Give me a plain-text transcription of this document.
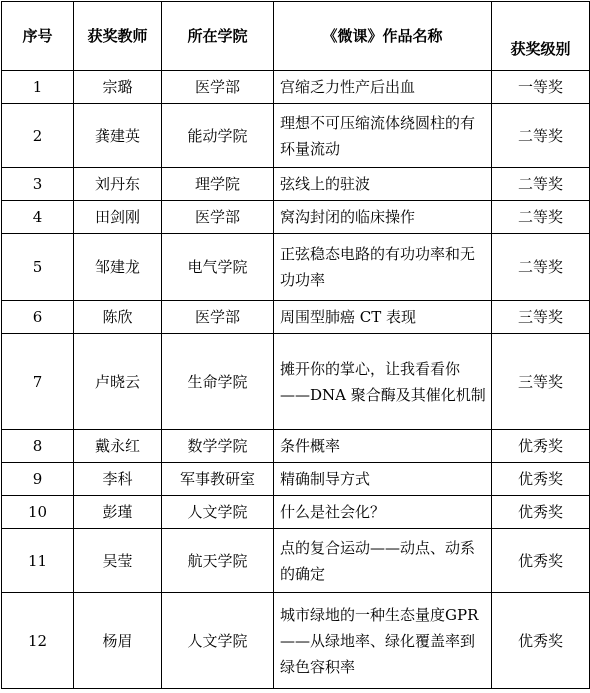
序号	获奖教师	所在学院	《微课》作品名称	获奖级别
1	宗璐	医学部	宫缩乏力性产后出血	一等奖
2	龚建英	能动学院	理想不可压缩流体绕圆柱的有环量流动	二等奖
3	刘丹东	理学院	弦线上的驻波	二等奖
4	田剑刚	医学部	窝沟封闭的临床操作	二等奖
5	邹建龙	电气学院	正弦稳态电路的有功功率和无功功率	二等奖
6	陈欣	医学部	周围型肺癌 CT 表现	三等奖
7	卢晓云	生命学院	摊开你的掌心，让我看看你——DNA 聚合酶及其催化机制	三等奖
8	戴永红	数学学院	条件概率	优秀奖
9	李科	军事教研室	精确制导方式	优秀奖
10	彭瑾	人文学院	什么是社会化？	优秀奖
11	吴莹	航天学院	点的复合运动——动点、动系的确定	优秀奖
12	杨眉	人文学院	城市绿地的一种生态量度GPR——从绿地率、绿化覆盖率到绿色容积率	优秀奖
